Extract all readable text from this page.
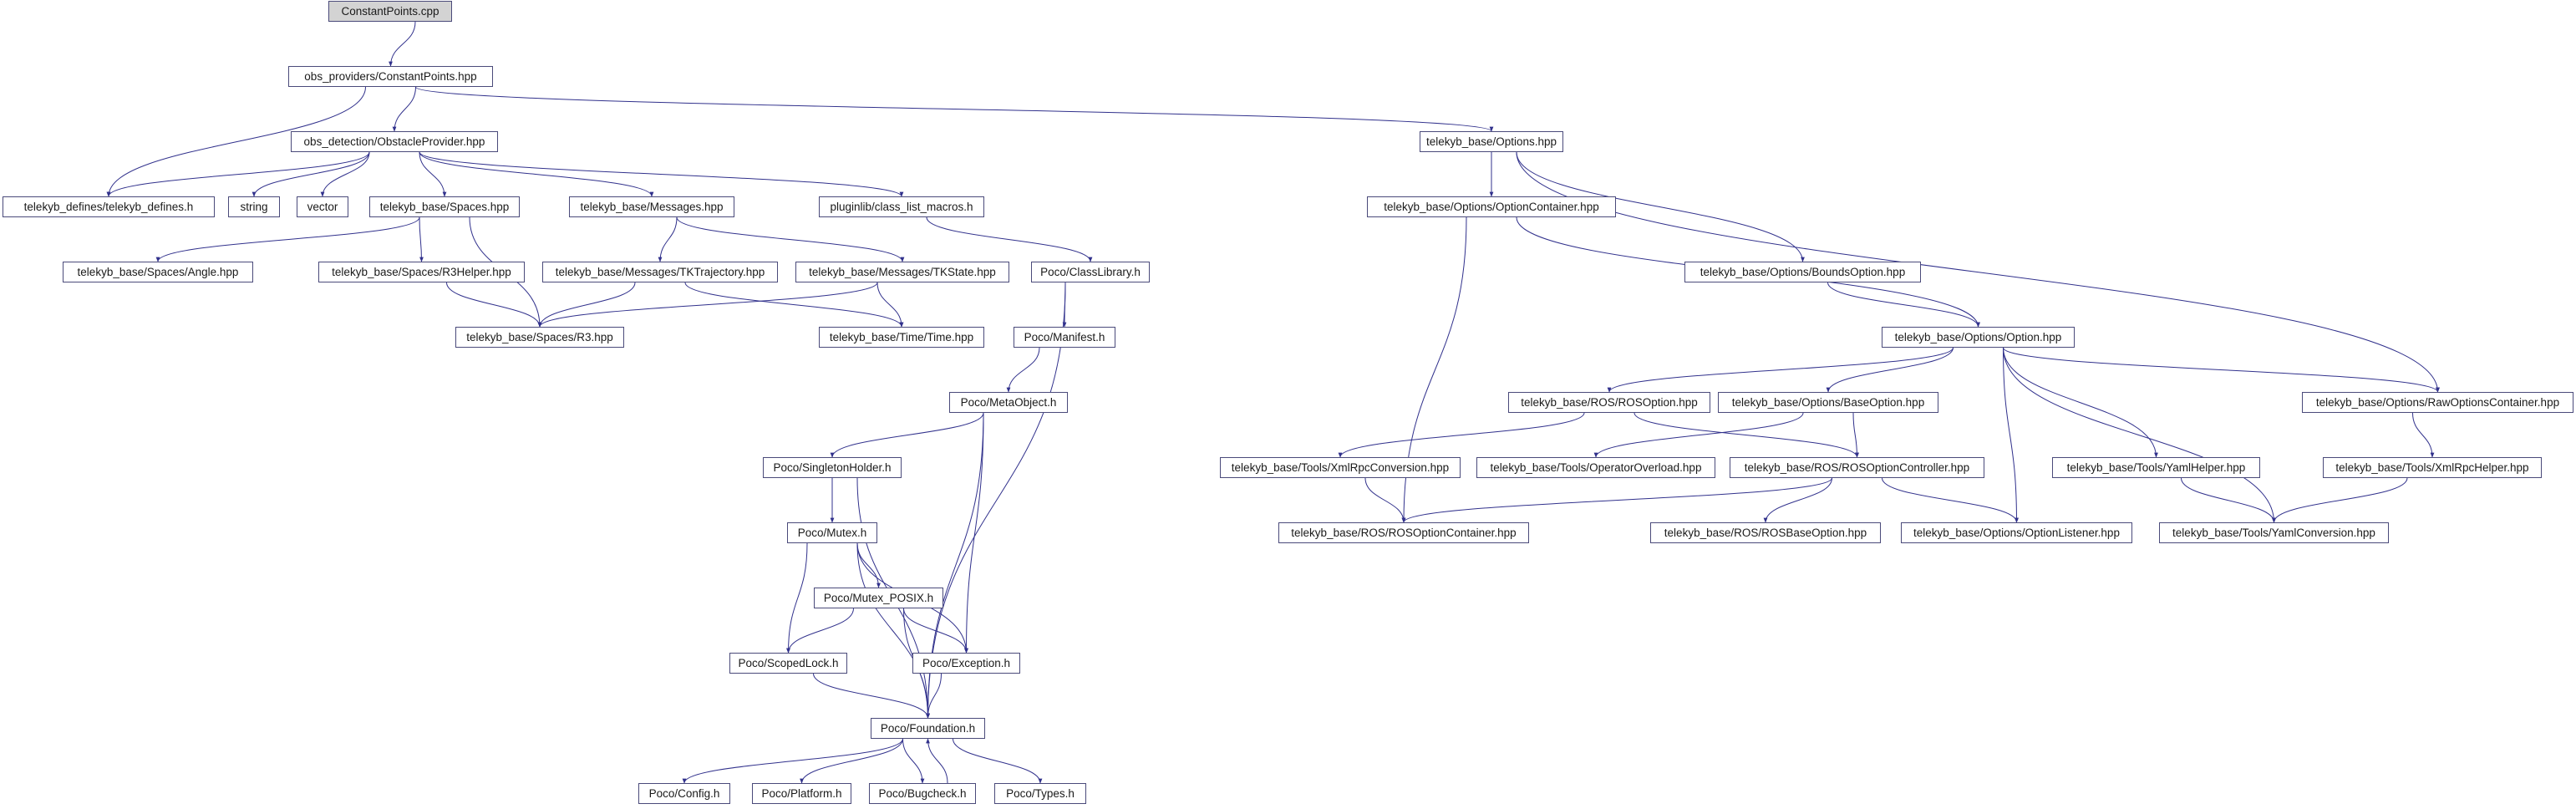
ConstantPoints.cpp
obs_providers/ConstantPoints.hpp
obs_detection/ObstacleProvider.hpp	telekyb_base/Options.hpp
telekyb_defines/telekyb_defines.h	string	vector	telekyb_base/Spaces.hpp	telekyb_base/Messages.hpp	pluginlib/class_list_macros.h	telekyb_base/Options/OptionContainer.hpp
telekyb_base/Spaces/Angle.hpp	telekyb_base/Spaces/R3Helper.hpp	telekyb_base/Messages/TKTrajectory.hpp	telekyb_base/Messages/TKState.hpp	Poco/ClassLibrary.h	telekyb_base/Options/BoundsOption.hpp
telekyb_base/Spaces/R3.hpp	telekyb_base/Time/Time.hpp	Poco/Manifest.h	telekyb_base/Options/Option.hpp
Poco/MetaObject.h	telekyb_base/ROS/ROSOption.hpp	telekyb_base/Options/BaseOption.hpp	telekyb_base/Options/RawOptionsContainer.hpp
Poco/SingletonHolder.h	telekyb_base/Tools/XmlRpcConversion.hpp	telekyb_base/Tools/OperatorOverload.hpp	telekyb_base/ROS/ROSOptionController.hpp	telekyb_base/Tools/YamlHelper.hpp	telekyb_base/Tools/XmlRpcHelper.hpp
Poco/Mutex.h	telekyb_base/ROS/ROSOptionContainer.hpp	telekyb_base/ROS/ROSBaseOption.hpp	telekyb_base/Options/OptionListener.hpp	telekyb_base/Tools/YamlConversion.hpp
Poco/Mutex_POSIX.h
Poco/ScopedLock.h	Poco/Exception.h
Poco/Foundation.h
Poco/Config.h	Poco/Platform.h	Poco/Bugcheck.h	Poco/Types.h
